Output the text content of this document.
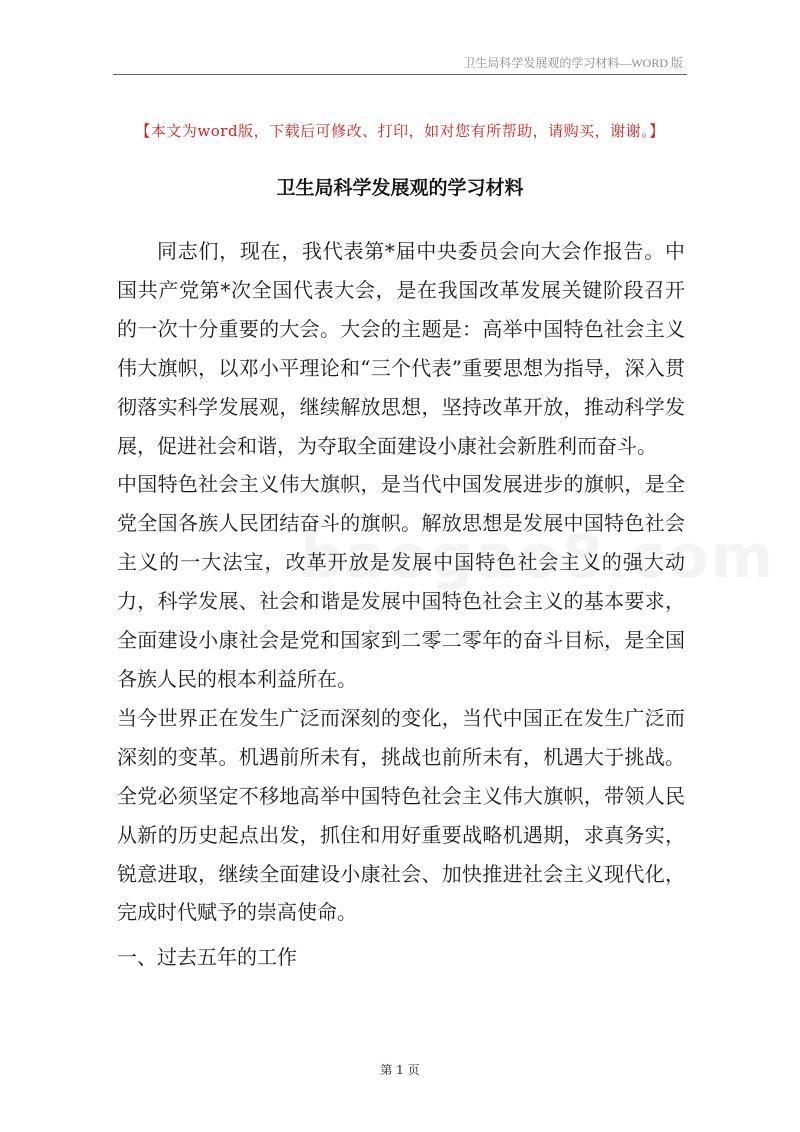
卫生局科学发展观的学习材料—WORD 版
【本文为word版，下载后可修改、打印，如对您有所帮助，请购买，谢谢。】
卫生局科学发展观的学习材料

同志们，现在，我代表第*届中央委员会向大会作报告。中国共产党第*次全国代表大会，是在我国改革发展关键阶段召开的一次十分重要的大会。大会的主题是：高举中国特色社会主义伟大旗帜，以邓小平理论和“三个代表”重要思想为指导，深入贯彻落实科学发展观，继续解放思想，坚持改革开放，推动科学发展，促进社会和谐，为夺取全面建设小康社会新胜利而奋斗。

中国特色社会主义伟大旗帜，是当代中国发展进步的旗帜，是全党全国各族人民团结奋斗的旗帜。解放思想是发展中国特色社会主义的一大法宝，改革开放是发展中国特色社会主义的强大动力，科学发展、社会和谐是发展中国特色社会主义的基本要求，全面建设小康社会是党和国家到二零二零年的奋斗目标，是全国各族人民的根本利益所在。

当今世界正在发生广泛而深刻的变化，当代中国正在发生广泛而深刻的变革。机遇前所未有，挑战也前所未有，机遇大于挑战。全党必须坚定不移地高举中国特色社会主义伟大旗帜，带领人民从新的历史起点出发，抓住和用好重要战略机遇期，求真务实，锐意进取，继续全面建设小康社会、加快推进社会主义现代化，完成时代赋予的崇高使命。

一、过去五年的工作

第 1 页
